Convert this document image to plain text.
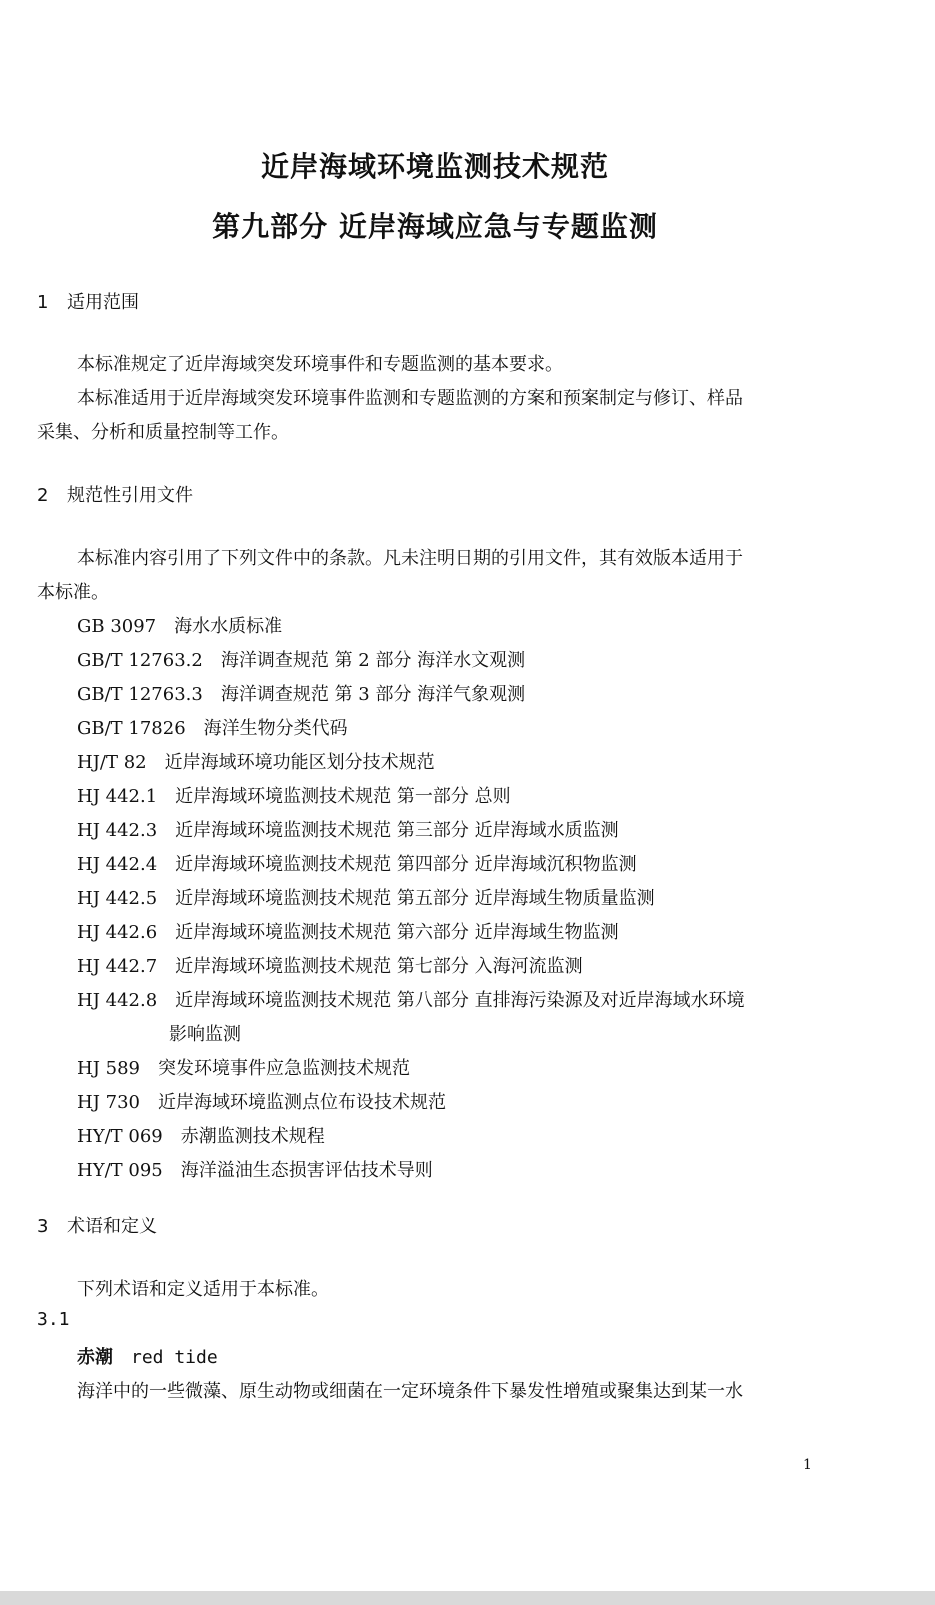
近岸海域环境监测技术规范
第九部分 近岸海域应急与专题监测
1 适用范围
本标准规定了近岸海域突发环境事件和专题监测的基本要求。
本标准适用于近岸海域突发环境事件监测和专题监测的方案和预案制定与修订、样品
采集、分析和质量控制等工作。
2 规范性引用文件
本标准内容引用了下列文件中的条款。凡未注明日期的引用文件，其有效版本适用于
本标准。
GB 3097 海水水质标准
GB/T 12763.2 海洋调查规范 第 2 部分 海洋水文观测
GB/T 12763.3 海洋调查规范 第 3 部分 海洋气象观测
GB/T 17826 海洋生物分类代码
HJ/T 82 近岸海域环境功能区划分技术规范
HJ 442.1 近岸海域环境监测技术规范 第一部分 总则
HJ 442.3 近岸海域环境监测技术规范 第三部分 近岸海域水质监测
HJ 442.4 近岸海域环境监测技术规范 第四部分 近岸海域沉积物监测
HJ 442.5 近岸海域环境监测技术规范 第五部分 近岸海域生物质量监测
HJ 442.6 近岸海域环境监测技术规范 第六部分 近岸海域生物监测
HJ 442.7 近岸海域环境监测技术规范 第七部分 入海河流监测
HJ 442.8 近岸海域环境监测技术规范 第八部分 直排海污染源及对近岸海域水环境
影响监测
HJ 589 突发环境事件应急监测技术规范
HJ 730 近岸海域环境监测点位布设技术规范
HY/T 069 赤潮监测技术规程
HY/T 095 海洋溢油生态损害评估技术导则
3 术语和定义
下列术语和定义适用于本标准。
3.1
赤潮 red tide
海洋中的一些微藻、原生动物或细菌在一定环境条件下暴发性增殖或聚集达到某一水
1
